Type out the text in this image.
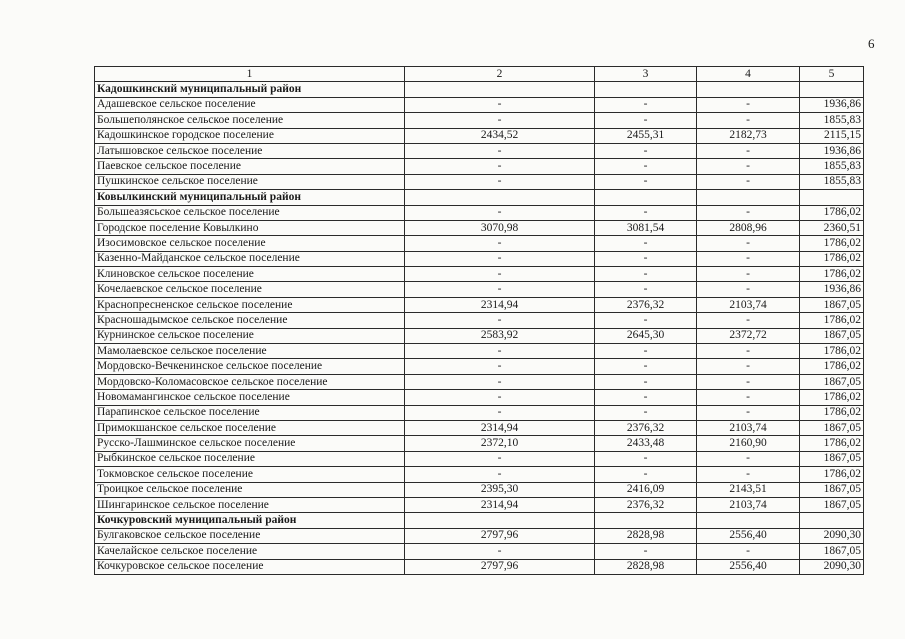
6
1	2	3	4	5
Кадошкинский муниципальный район				
Адашевское сельское поселение	-	-	-	1936,86
Большеполянское сельское поселение	-	-	-	1855,83
Кадошкинское городское поселение	2434,52	2455,31	2182,73	2115,15
Латышовское сельское поселение	-	-	-	1936,86
Паевское сельское поселение	-	-	-	1855,83
Пушкинское сельское поселение	-	-	-	1855,83
Ковылкинский муниципальный район				
Большеазясьское сельское поселение	-	-	-	1786,02
Городское поселение Ковылкино	3070,98	3081,54	2808,96	2360,51
Изосимовское сельское поселение	-	-	-	1786,02
Казенно-Майданское сельское поселение	-	-	-	1786,02
Клиновское сельское поселение	-	-	-	1786,02
Кочелаевское сельское поселение	-	-	-	1936,86
Краснопресненское сельское поселение	2314,94	2376,32	2103,74	1867,05
Красношадымское сельское поселение	-	-	-	1786,02
Курнинское сельское поселение	2583,92	2645,30	2372,72	1867,05
Мамолаевское сельское поселение	-	-	-	1786,02
Мордовско-Вечкенинское сельское поселение	-	-	-	1786,02
Мордовско-Коломасовское сельское поселение	-	-	-	1867,05
Новомамангинское сельское поселение	-	-	-	1786,02
Парапинское сельское поселение	-	-	-	1786,02
Примокшанское сельское поселение	2314,94	2376,32	2103,74	1867,05
Русско-Лашминское сельское поселение	2372,10	2433,48	2160,90	1786,02
Рыбкинское сельское поселение	-	-	-	1867,05
Токмовское сельское поселение	-	-	-	1786,02
Троицкое сельское поселение	2395,30	2416,09	2143,51	1867,05
Шингаринское сельское поселение	2314,94	2376,32	2103,74	1867,05
Кочкуровский муниципальный район				
Булгаковское сельское поселение	2797,96	2828,98	2556,40	2090,30
Качелайское сельское поселение	-	-	-	1867,05
Кочкуровское сельское поселение	2797,96	2828,98	2556,40	2090,30
